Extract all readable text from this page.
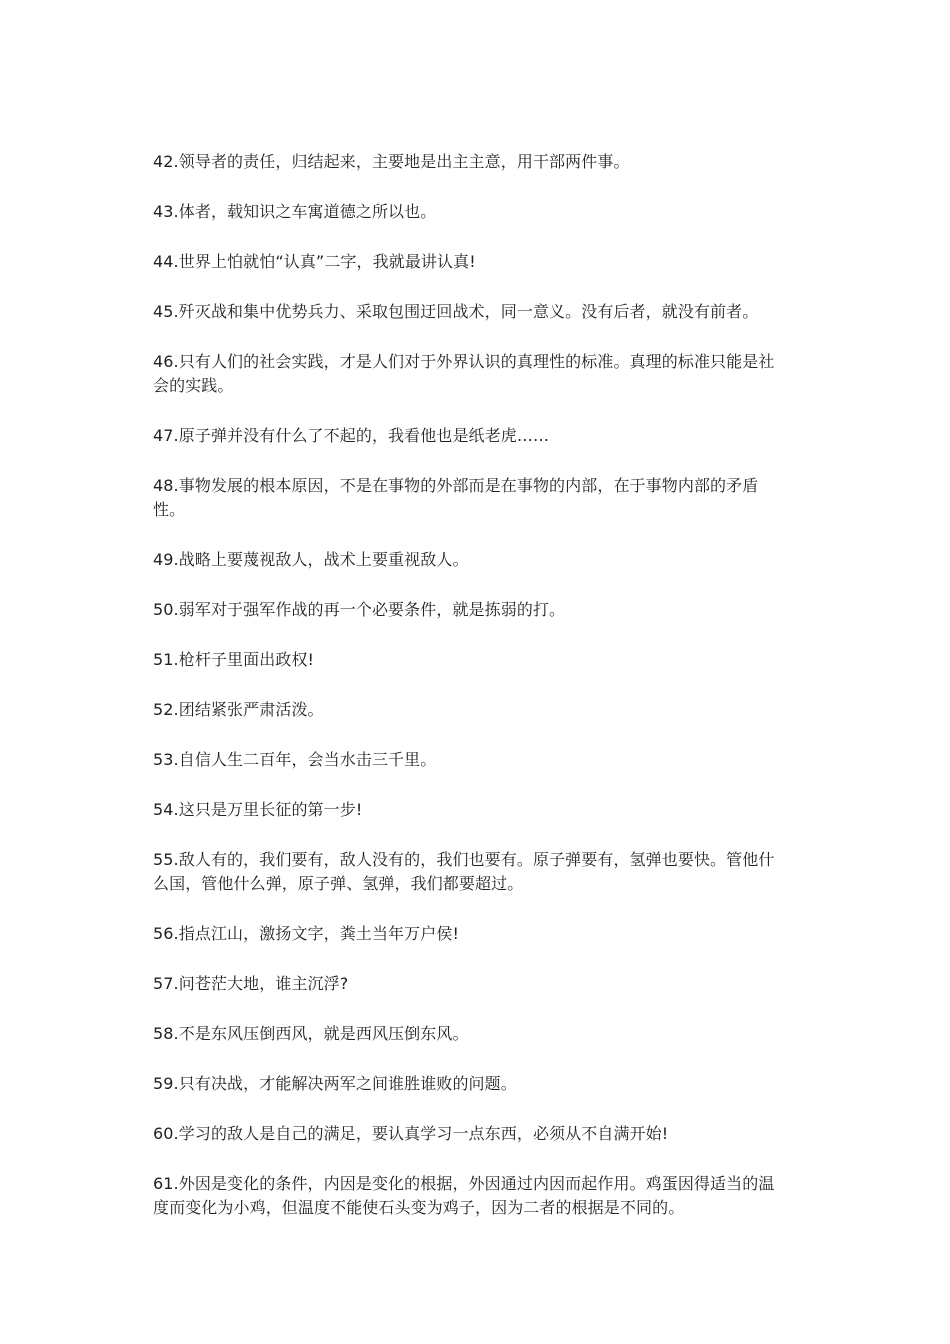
42.领导者的责任，归结起来，主要地是出主主意，用干部两件事。

43.体者，载知识之车寓道德之所以也。

44.世界上怕就怕“认真”二字，我就最讲认真!

45.歼灭战和集中优势兵力、采取包围迂回战术，同一意义。没有后者，就没有前者。

46.只有人们的社会实践，才是人们对于外界认识的真理性的标准。真理的标准只能是社会的实践。

47.原子弹并没有什么了不起的，我看他也是纸老虎……

48.事物发展的根本原因，不是在事物的外部而是在事物的内部，在于事物内部的矛盾性。

49.战略上要蔑视敌人，战术上要重视敌人。

50.弱军对于强军作战的再一个必要条件，就是拣弱的打。

51.枪杆子里面出政权!

52.团结紧张严肃活泼。

53.自信人生二百年，会当水击三千里。

54.这只是万里长征的第一步!

55.敌人有的，我们要有，敌人没有的，我们也要有。原子弹要有，氢弹也要快。管他什么国，管他什么弹，原子弹、氢弹，我们都要超过。

56.指点江山，激扬文字，粪土当年万户侯!

57.问苍茫大地，谁主沉浮?

58.不是东风压倒西风，就是西风压倒东风。

59.只有决战，才能解决两军之间谁胜谁败的问题。

60.学习的敌人是自己的满足，要认真学习一点东西，必须从不自满开始!

61.外因是变化的条件，内因是变化的根据，外因通过内因而起作用。鸡蛋因得适当的温度而变化为小鸡，但温度不能使石头变为鸡子，因为二者的根据是不同的。
